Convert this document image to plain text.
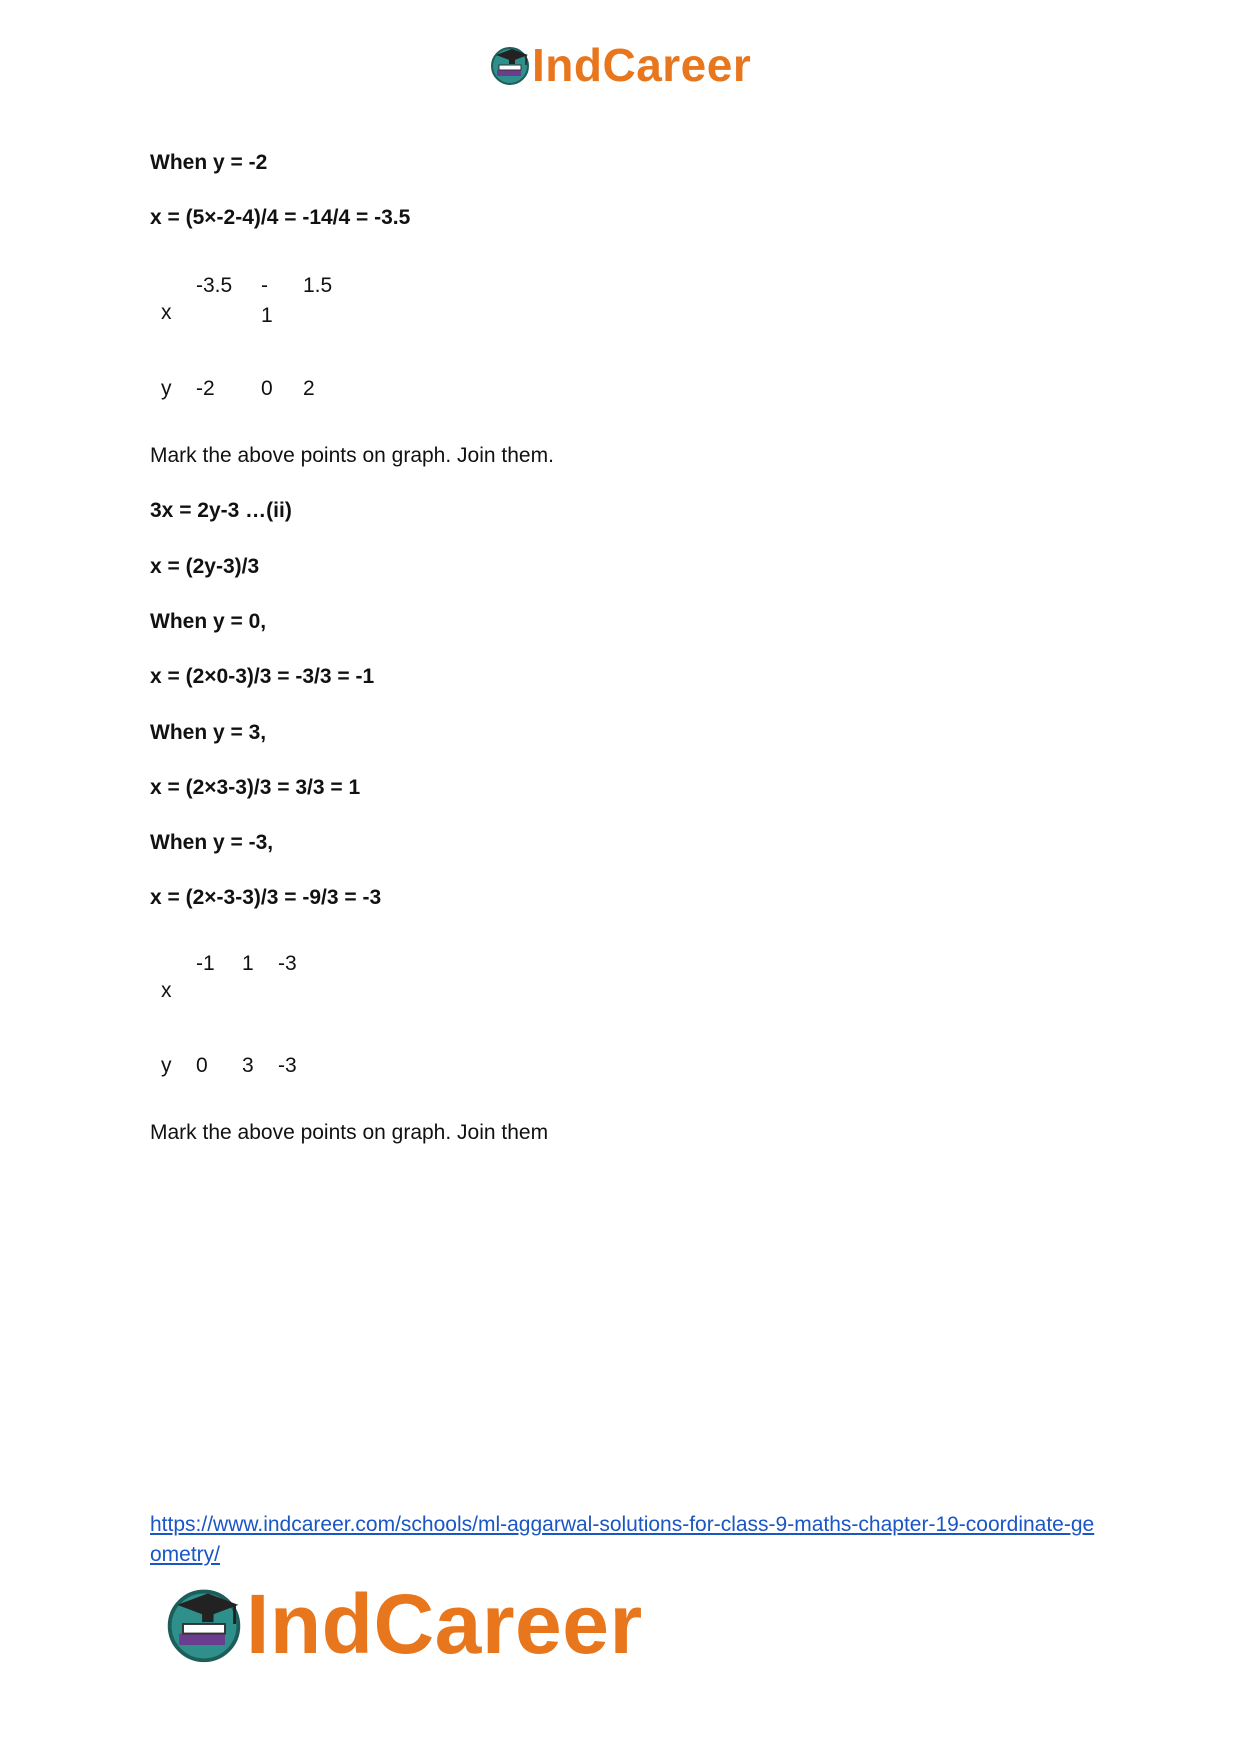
IndCareer
When y = -2
x = (5×-2-4)/4 = -14/4 = -3.5
x
-3.5 -
1
1.5
y -2 0 2
Mark the above points on graph. Join them.
3x = 2y-3 …(ii)
x = (2y-3)/3
When y = 0,
x = (2×0-3)/3 = -3/3 = -1
When y = 3,
x = (2×3-3)/3 = 3/3 = 1
When y = -3,
x = (2×-3-3)/3 = -9/3 = -3
x
-1 1 -3
y 0 3 -3
Mark the above points on graph. Join them
https://www.indcareer.com/schools/ml-aggarwal-solutions-for-class-9-maths-chapter-19-coordinate-geometry/
IndCareer
